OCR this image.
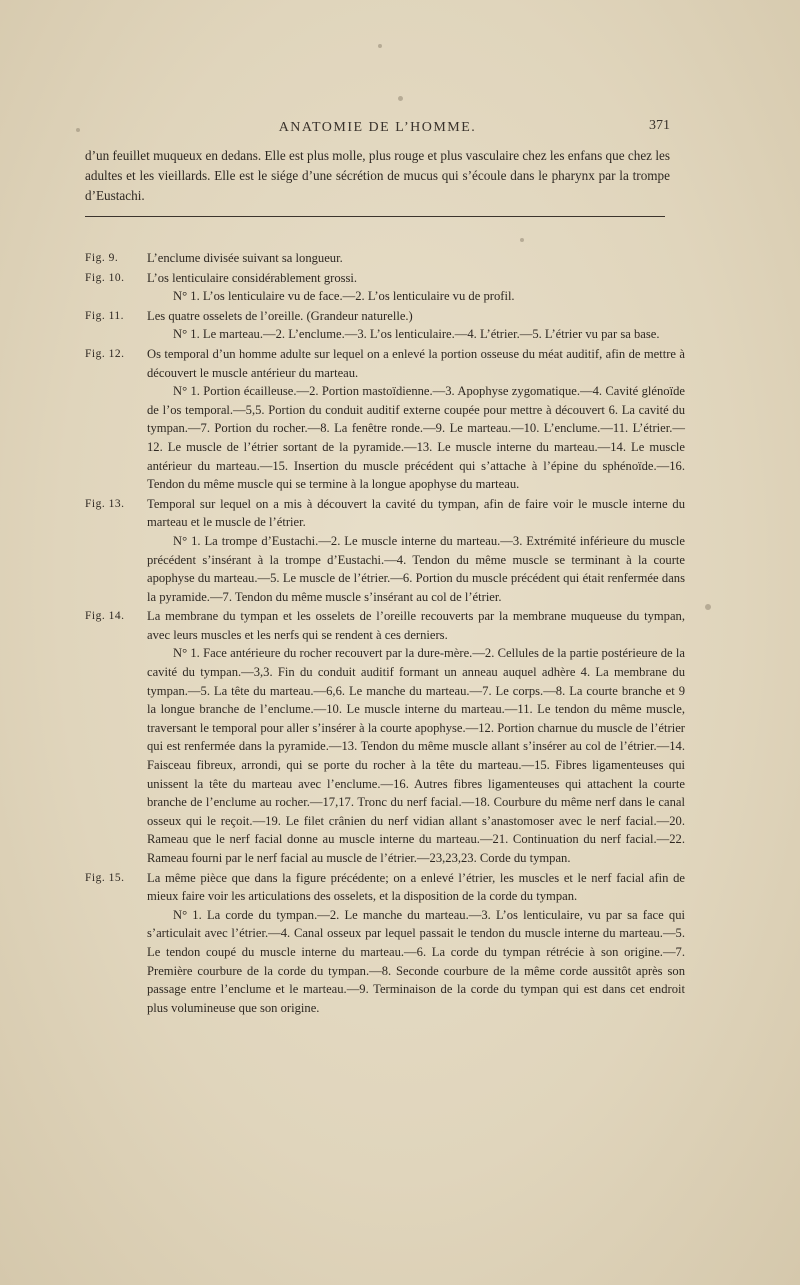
ANATOMIE DE L’HOMME.	371
d’un feuillet muqueux en dedans. Elle est plus molle, plus rouge et plus vasculaire chez les enfans que chez les adultes et les vieillards. Elle est le siége d’une sécrétion de mucus qui s’écoule dans le pharynx par la trompe d’Eustachi.
Fig. 9.	L’enclume divisée suivant sa longueur.

Fig. 10.	L’os lenticulaire considérablement grossi.

N° 1. L’os lenticulaire vu de face.—2. L’os lenticulaire vu de profil.

Fig. 11.	Les quatre osselets de l’oreille. (Grandeur naturelle.)

N° 1. Le marteau.—2. L’enclume.—3. L’os lenticulaire.—4. L’étrier.—5. L’étrier vu par sa base.

Fig. 12.	Os temporal d’un homme adulte sur lequel on a enlevé la portion osseuse du méat auditif, afin de mettre à découvert le muscle antérieur du marteau.

N° 1. Portion écailleuse.—2. Portion mastoïdienne.—3. Apophyse zygomatique.—4. Cavité glénoïde de l’os temporal.—5,5. Portion du conduit auditif externe coupée pour mettre à découvert 6. La cavité du tympan.—7. Portion du rocher.—8. La fenêtre ronde.—9. Le marteau.—10. L’enclume.—11. L’étrier.—12. Le muscle de l’étrier sortant de la pyramide.—13. Le muscle interne du marteau.—14. Le muscle antérieur du marteau.—15. Insertion du muscle précédent qui s’attache à l’épine du sphénoïde.—16. Tendon du même muscle qui se termine à la longue apophyse du marteau.

Fig. 13.	Temporal sur lequel on a mis à découvert la cavité du tympan, afin de faire voir le muscle interne du marteau et le muscle de l’étrier.

N° 1. La trompe d’Eustachi.—2. Le muscle interne du marteau.—3. Extrémité inférieure du muscle précédent s’insérant à la trompe d’Eustachi.—4. Tendon du même muscle se terminant à la courte apophyse du marteau.—5. Le muscle de l’étrier.—6. Portion du muscle précédent qui était renfermée dans la pyramide.—7. Tendon du même muscle s’insérant au col de l’étrier.

Fig. 14.	La membrane du tympan et les osselets de l’oreille recouverts par la membrane muqueuse du tympan, avec leurs muscles et les nerfs qui se rendent à ces derniers.

N° 1. Face antérieure du rocher recouvert par la dure-mère.—2. Cellules de la partie postérieure de la cavité du tympan.—3,3. Fin du conduit auditif formant un anneau auquel adhère 4. La membrane du tympan.—5. La tête du marteau.—6,6. Le manche du marteau.—7. Le corps.—8. La courte branche et 9 la longue branche de l’enclume.—10. Le muscle interne du marteau.—11. Le tendon du même muscle, traversant le temporal pour aller s’insérer à la courte apophyse.—12. Portion charnue du muscle de l’étrier qui est renfermée dans la pyramide.—13. Tendon du même muscle allant s’insérer au col de l’étrier.—14. Faisceau fibreux, arrondi, qui se porte du rocher à la tête du marteau.—15. Fibres ligamenteuses qui unissent la tête du marteau avec l’enclume.—16. Autres fibres ligamenteuses qui attachent la courte branche de l’enclume au rocher.—17,17. Tronc du nerf facial.—18. Courbure du même nerf dans le canal osseux qui le reçoit.—19. Le filet crânien du nerf vidian allant s’anastomoser avec le nerf facial.—20. Rameau que le nerf facial donne au muscle interne du marteau.—21. Continuation du nerf facial.—22. Rameau fourni par le nerf facial au muscle de l’étrier.—23,23,23. Corde du tympan.

Fig. 15.	La même pièce que dans la figure précédente; on a enlevé l’étrier, les muscles et le nerf facial afin de mieux faire voir les articulations des osselets, et la disposition de la corde du tympan.

N° 1. La corde du tympan.—2. Le manche du marteau.—3. L’os lenticulaire, vu par sa face qui s’articulait avec l’étrier.—4. Canal osseux par lequel passait le tendon du muscle interne du marteau.—5. Le tendon coupé du muscle interne du marteau.—6. La corde du tympan rétrécie à son origine.—7. Première courbure de la corde du tympan.—8. Seconde courbure de la même corde aussitôt après son passage entre l’enclume et le marteau.—9. Terminaison de la corde du tympan qui est dans cet endroit plus volumineuse que son origine.
